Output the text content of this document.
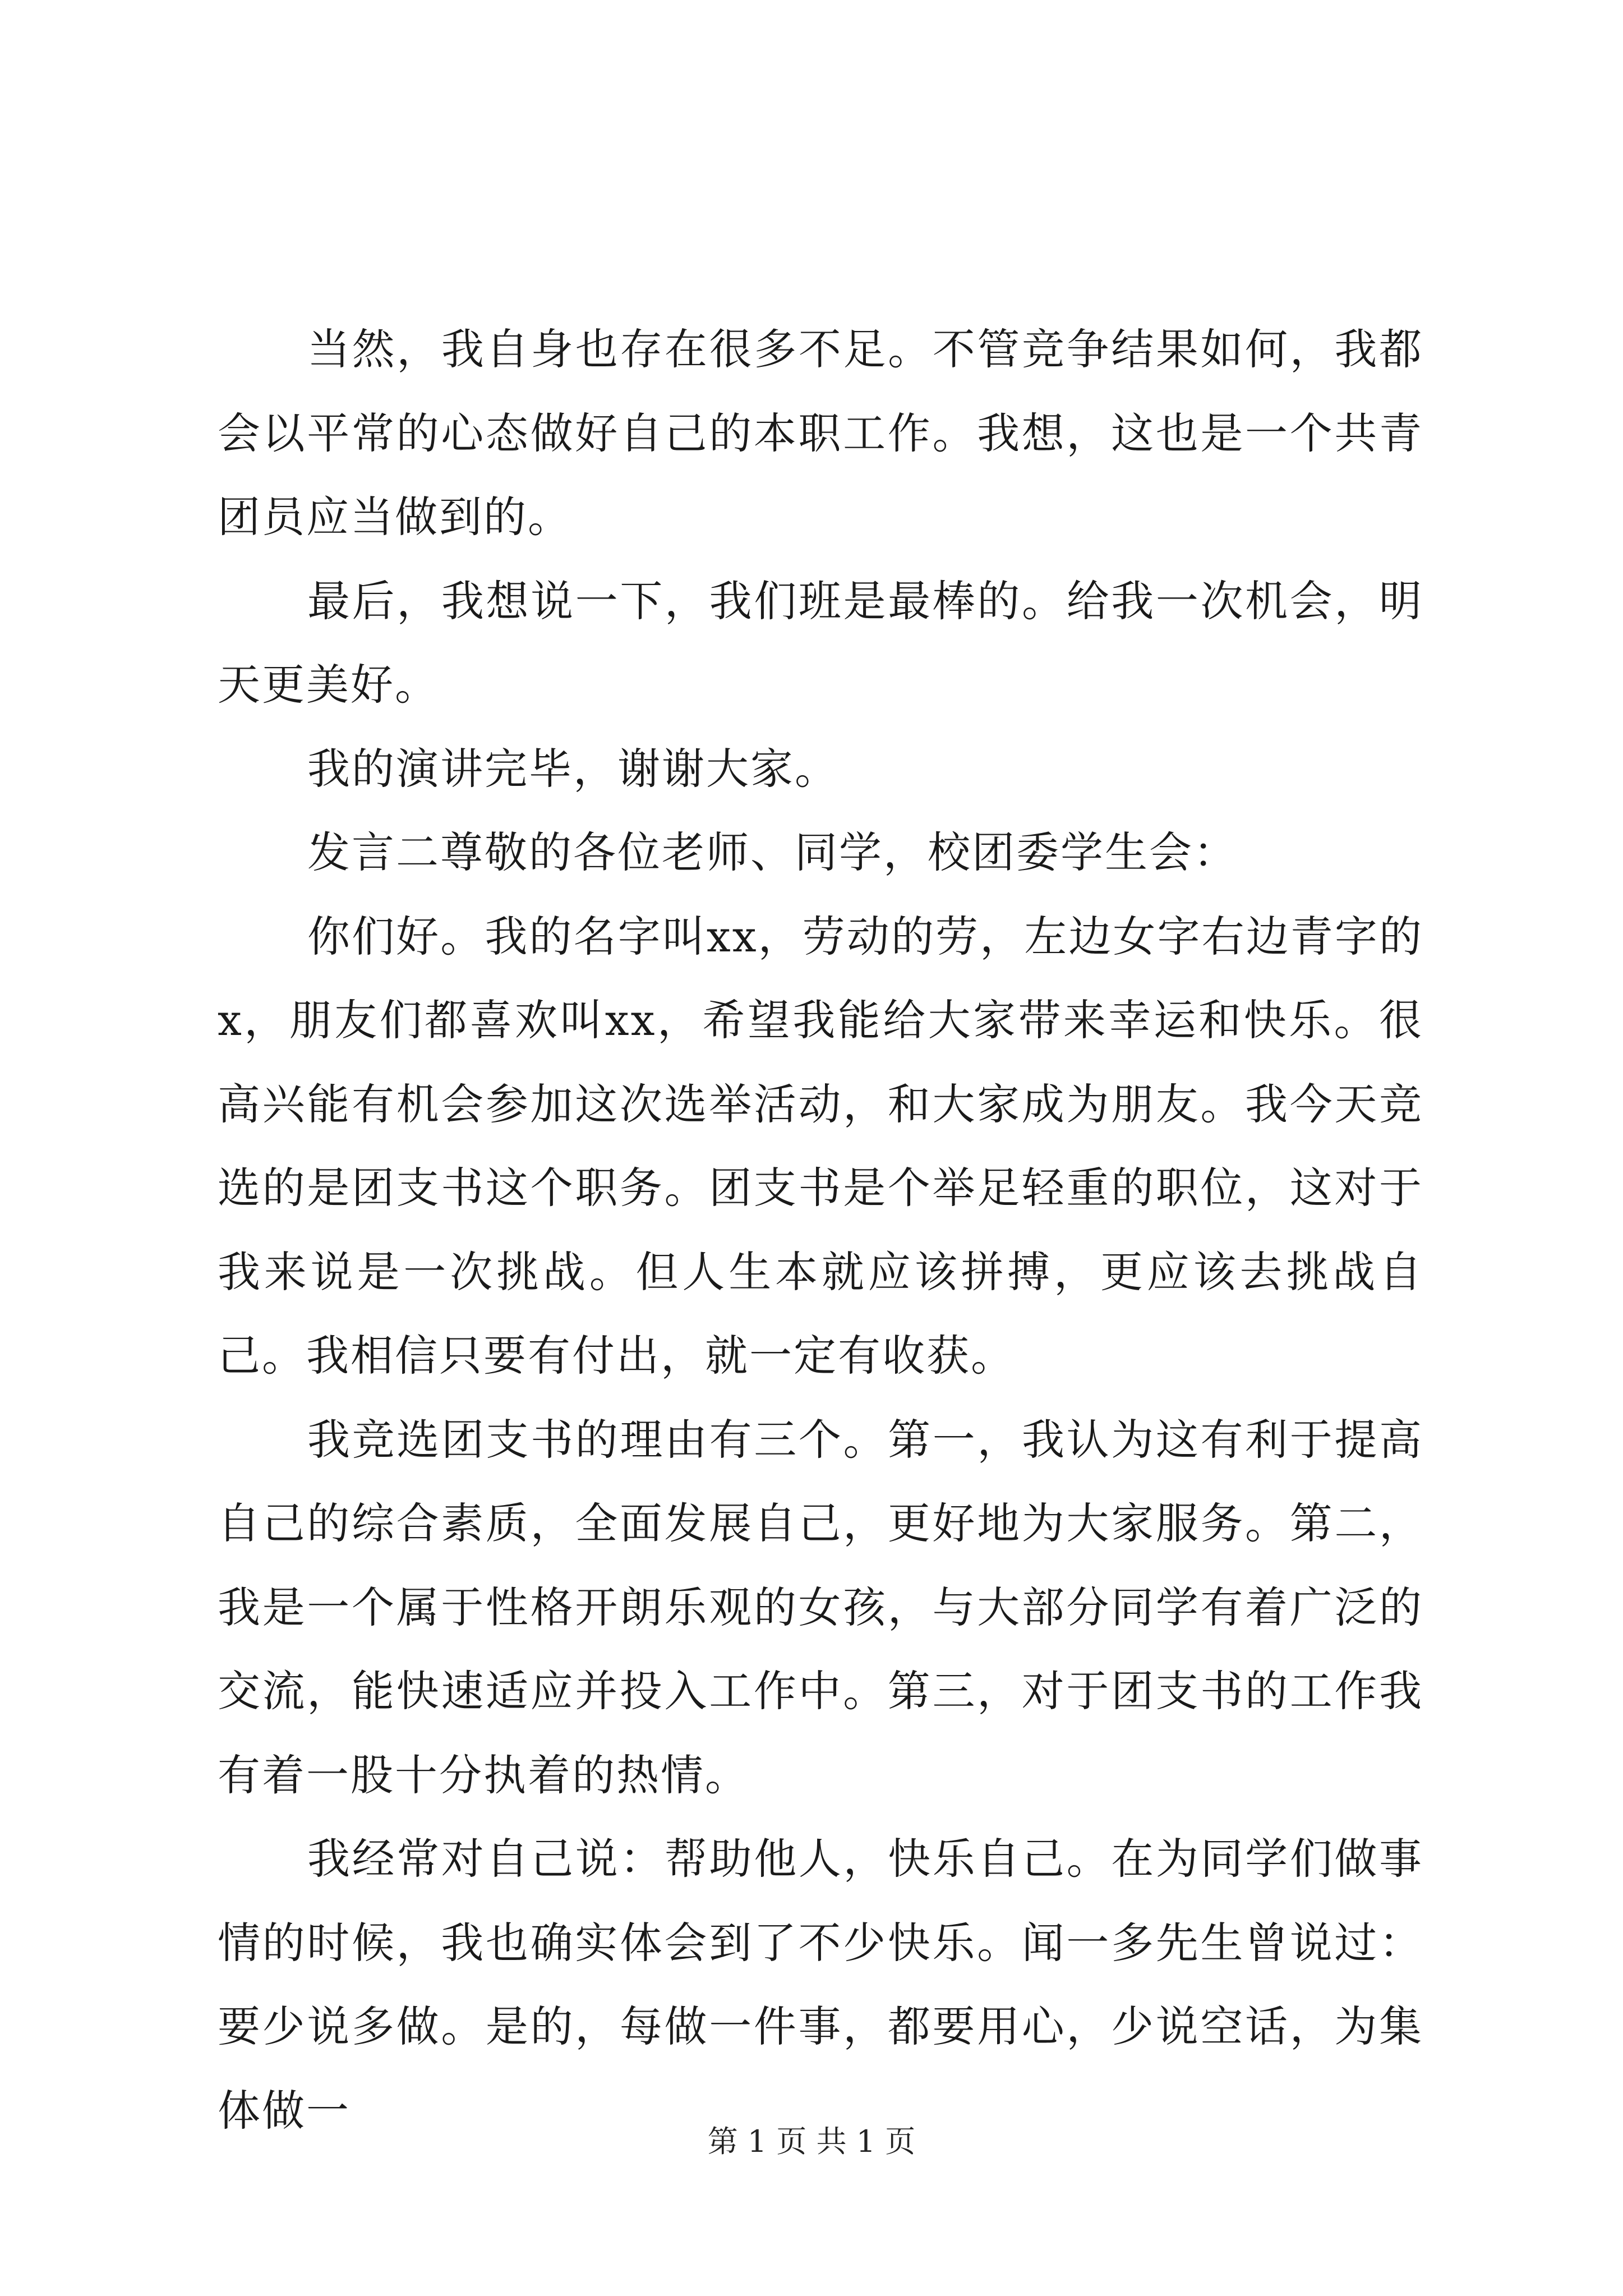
当然，我自身也存在很多不足。不管竞争结果如何，我都会以平常的心态做好自己的本职工作。我想，这也是一个共青团员应当做到的。

最后，我想说一下，我们班是最棒的。给我一次机会，明天更美好。

我的演讲完毕，谢谢大家。

发言二尊敬的各位老师、同学，校团委学生会：

你们好。我的名字叫xx，劳动的劳，左边女字右边青字的x，朋友们都喜欢叫xx，希望我能给大家带来幸运和快乐。很高兴能有机会参加这次选举活动，和大家成为朋友。我今天竞选的是团支书这个职务。团支书是个举足轻重的职位，这对于我来说是一次挑战。但人生本就应该拼搏，更应该去挑战自己。我相信只要有付出，就一定有收获。

我竞选团支书的理由有三个。第一，我认为这有利于提高自己的综合素质，全面发展自己，更好地为大家服务。第二，我是一个属于性格开朗乐观的女孩，与大部分同学有着广泛的交流，能快速适应并投入工作中。第三，对于团支书的工作我有着一股十分执着的热情。

我经常对自己说：帮助他人，快乐自己。在为同学们做事情的时候，我也确实体会到了不少快乐。闻一多先生曾说过：要少说多做。是的，每做一件事，都要用心，少说空话，为集体做一

第 1 页 共 1 页
